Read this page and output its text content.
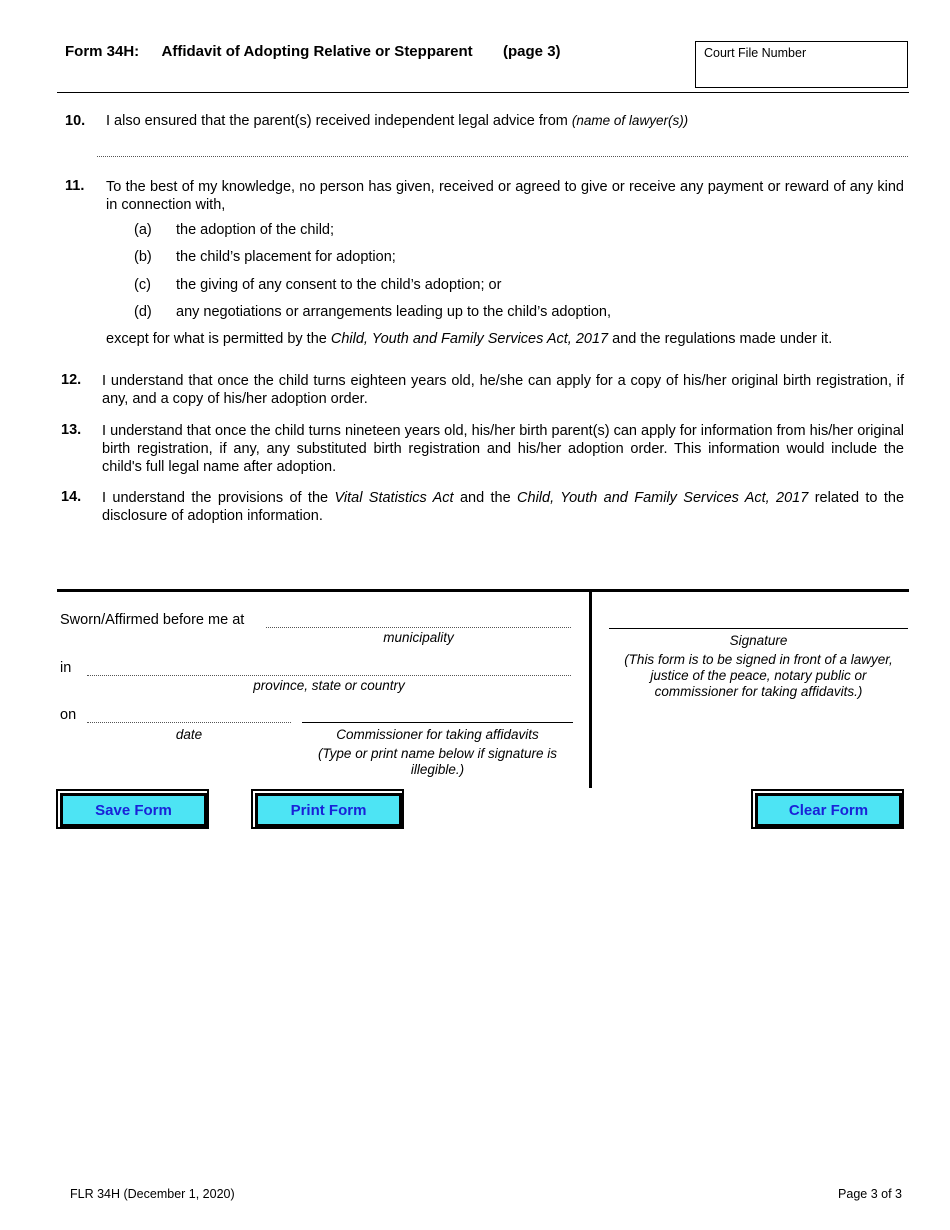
Form 34H: Affidavit of Adopting Relative or Stepparent (page 3)	Court File Number
10. I also ensured that the parent(s) received independent legal advice from (name of lawyer(s))
11. To the best of my knowledge, no person has given, received or agreed to give or receive any payment or reward of any kind in connection with,
(a) the adoption of the child;
(b) the child’s placement for adoption;
(c) the giving of any consent to the child’s adoption; or
(d) any negotiations or arrangements leading up to the child’s adoption,
except for what is permitted by the Child, Youth and Family Services Act, 2017 and the regulations made under it.
12. I understand that once the child turns eighteen years old, he/she can apply for a copy of his/her original birth registration, if any, and a copy of his/her adoption order.
13. I understand that once the child turns nineteen years old, his/her birth parent(s) can apply for information from his/her original birth registration, if any, any substituted birth registration and his/her adoption order. This information would include the child's full legal name after adoption.
14. I understand the provisions of the Vital Statistics Act and the Child, Youth and Family Services Act, 2017 related to the disclosure of adoption information.
Sworn/Affirmed before me at
municipality
in
province, state or country
on
date	Commissioner for taking affidavits
(Type or print name below if signature is illegible.)
Signature
(This form is to be signed in front of a lawyer, justice of the peace, notary public or commissioner for taking affidavits.)
Save Form	Print Form	Clear Form
FLR 34H (December 1, 2020)	Page 3 of 3
